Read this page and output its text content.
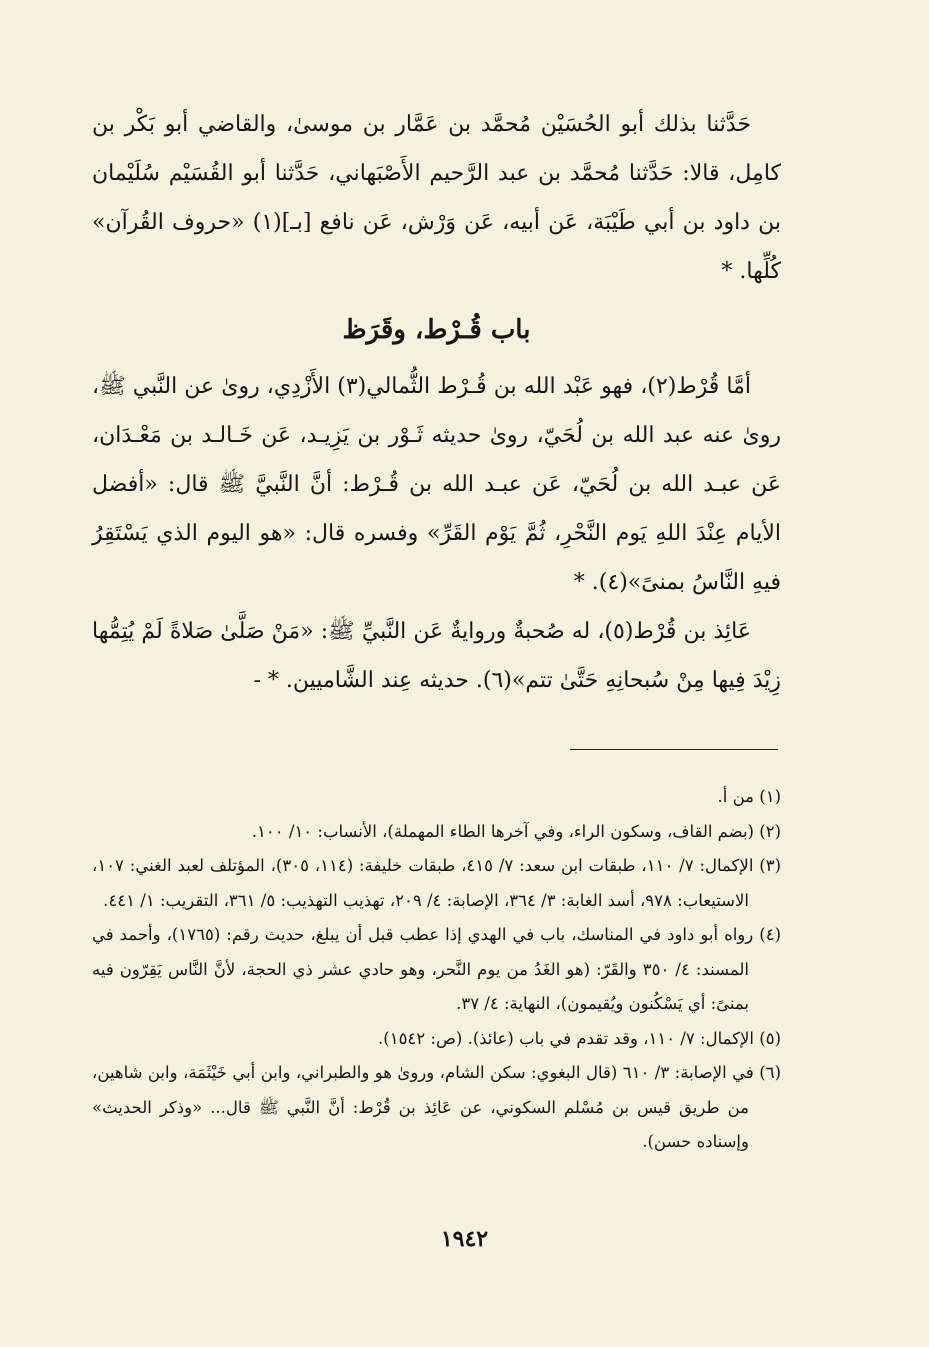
حَدَّثنا بذلك أبو الحُسَيْن مُحمَّد بن عَمَّار بن موسىٰ، والقاضي أبو بَكْر بن كامِل، قالا: حَدَّثنا مُحمَّد بن عبد الرَّحيم الأَصْبَهاني، حَدَّثنا أبو القُسَيْم سُلَيْمان بن داود بن أبي طَيْبَة، عَن أبيه، عَن وَرْش، عَن نافع [بـ](١) «حروف القُرآن» كُلِّها. *

باب قُـرْط، وقَرَظ

أمَّا قُرْط(٢)، فهو عَبْد الله بن قُـرْط الثُّمالي(٣) الأَزْدِي، روىٰ عن النَّبي ﷺ، روىٰ عنه عبد الله بن لُحَيّ، روىٰ حديثه ثَـوْر بن يَزِيـد، عَن خَـالـد بن مَعْـدَان، عَن عبـد الله بن لُحَيّ، عَن عبـد الله بن قُـرْط: أنَّ النَّبيَّ ﷺ قال: «أفضل الأيام عِنْدَ اللهِ يَوم النَّحْرِ، ثُمَّ يَوْم القَرِّ» وفسره قال: «هو اليوم الذي يَسْتَقِرُ فيهِ النَّاسُ بمنىً»(٤). *

عَائِذ بن قُرْط(٥)، له صُحبةٌ وروايةٌ عَن النَّبيِّ ﷺ: «مَنْ صَلَّىٰ صَلاةً لَمْ يُتِمُّها زِيْدَ فِيها مِنْ سُبحانِهِ حَتَّىٰ تتم»(٦). حديثه عِند الشَّاميين. * -

(١) من أ.

(٢) (بضم القاف، وسكون الراء، وفي آخرها الطاء المهملة)، الأنساب: ١٠/ ١٠٠.

(٣) الإكمال: ٧/ ١١٠، طبقات ابن سعد: ٧/ ٤١٥، طبقات خليفة: (١١٤، ٣٠٥)، المؤتلف لعبد الغني: ١٠٧، الاستيعاب: ٩٧٨، أسد الغابة: ٣/ ٣٦٤، الإصابة: ٤/ ٢٠٩، تهذيب التهذيب: ٥/ ٣٦١، التقريب: ١/ ٤٤١.

(٤) رواه أبو داود في المناسك، باب في الهدي إذا عطب قبل أن يبلغ، حديث رقم: (١٧٦٥)، وأحمد في المسند: ٤/ ٣٥٠ والقَرّ: (هو الغَدُ من يوم النَّحر، وهو حادي عشر ذي الحجة، لأنَّ النَّاس يَقِرّون فيه بمنىً: أي يَسْكُنون ويُقيمون)، النهاية: ٤/ ٣٧.

(٥) الإكمال: ٧/ ١١٠، وقد تقدم في باب (عائذ). (ص: ١٥٤٢).

(٦) في الإصابة: ٣/ ٦١٠ (قال البغوي: سكن الشام، وروىٰ هو والطبراني، وابن أبي خَيْثَمَة، وابن شاهين، من طريق قيس بن مُسْلم السكوني، عن عَائِذ بن قُرْط: أنَّ النَّبي ﷺ قال... «وذكر الحديث» وإسناده حسن).

١٩٤٢
